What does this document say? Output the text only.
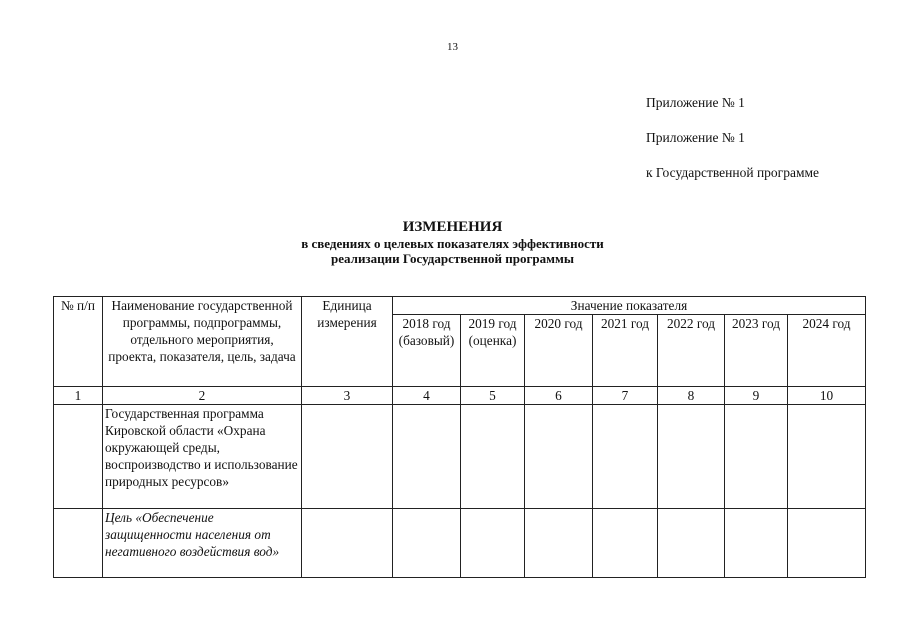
13
Приложение № 1
Приложение № 1
к Государственной программе
ИЗМЕНЕНИЯ
в сведениях о целевых показателях эффективности
реализации Государственной программы
№ п/п	Наименование государственной программы, подпрограммы, отдельного мероприятия, проекта, показателя, цель, задача	Единица измерения	Значение показателя						
			2018 год (базовый)	2019 год (оценка)	2020 год	2021 год	2022 год	2023 год	2024 год
1	2	3	4	5	6	7	8	9	10
	Государственная программа Кировской области «Охрана окружающей среды, воспроизводство и использование природных ресурсов»								
	Цель «Обеспечение защищенности населения от негативного воздействия вод»								
